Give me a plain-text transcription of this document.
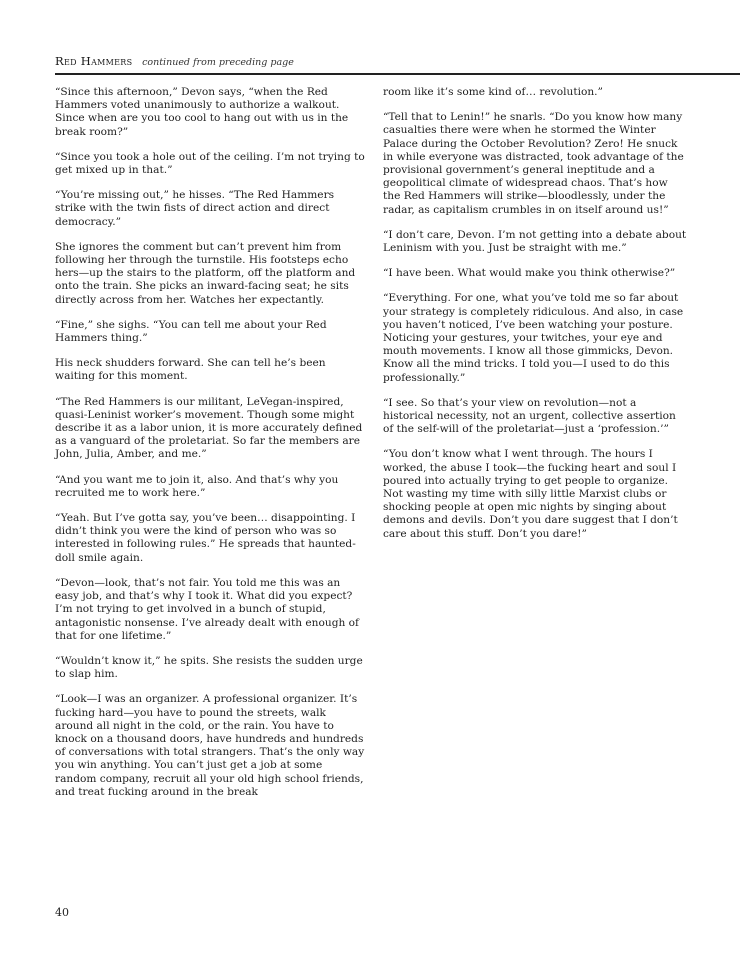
Red Hammers continued from preceding page

“Since this afternoon,” Devon says, “when the Red Hammers voted unanimously to authorize a walkout. Since when are you too cool to hang out with us in the break room?”

“Since you took a hole out of the ceiling. I’m not trying to get mixed up in that.”

“You’re missing out,” he hisses. “The Red Hammers strike with the twin fists of direct action and direct democracy.”

She ignores the comment but can’t prevent him from following her through the turnstile. His footsteps echo hers—up the stairs to the platform, off the platform and onto the train. She picks an inward-facing seat; he sits directly across from her. Watches her expectantly.

“Fine,” she sighs. “You can tell me about your Red Hammers thing.”

His neck shudders forward. She can tell he’s been waiting for this moment.

“The Red Hammers is our militant, LeVegan-inspired, quasi-Leninist worker’s movement. Though some might describe it as a labor union, it is more accurately defined as a vanguard of the proletariat. So far the members are John, Julia, Amber, and me.”

“And you want me to join it, also. And that’s why you recruited me to work here.”

“Yeah. But I’ve gotta say, you’ve been… disappointing. I didn’t think you were the kind of person who was so interested in following rules.” He spreads that haunted-doll smile again.

“Devon—look, that’s not fair. You told me this was an easy job, and that’s why I took it. What did you expect? I’m not trying to get involved in a bunch of stupid, antagonistic nonsense. I’ve already dealt with enough of that for one lifetime.”

“Wouldn’t know it,” he spits. She resists the sudden urge to slap him.

“Look—I was an organizer. A professional organizer. It’s fucking hard—you have to pound the streets, walk around all night in the cold, or the rain. You have to knock on a thousand doors, have hundreds and hundreds of conversations with total strangers. That’s the only way you win anything. You can’t just get a job at some random company, recruit all your old high school friends, and treat fucking around in the break

room like it’s some kind of… revolution.”

“Tell that to Lenin!” he snarls. “Do you know how many casualties there were when he stormed the Winter Palace during the October Revolution? Zero! He snuck in while everyone was distracted, took advantage of the provisional government’s general ineptitude and a geopolitical climate of widespread chaos. That’s how the Red Hammers will strike—bloodlessly, under the radar, as capitalism crumbles in on itself around us!”

“I don’t care, Devon. I’m not getting into a debate about Leninism with you. Just be straight with me.”

“I have been. What would make you think otherwise?”

“Everything. For one, what you’ve told me so far about your strategy is completely ridiculous. And also, in case you haven’t noticed, I’ve been watching your posture. Noticing your gestures, your twitches, your eye and mouth movements. I know all those gimmicks, Devon. Know all the mind tricks. I told you—I used to do this professionally.”

“I see. So that’s your view on revolution—not a historical necessity, not an urgent, collective assertion of the self-will of the proletariat—just a ‘profession.’”

“You don’t know what I went through. The hours I worked, the abuse I took—the fucking heart and soul I poured into actually trying to get people to organize. Not wasting my time with silly little Marxist clubs or shocking people at open mic nights by singing about demons and devils. Don’t you dare suggest that I don’t care about this stuff. Don’t you dare!”

40
